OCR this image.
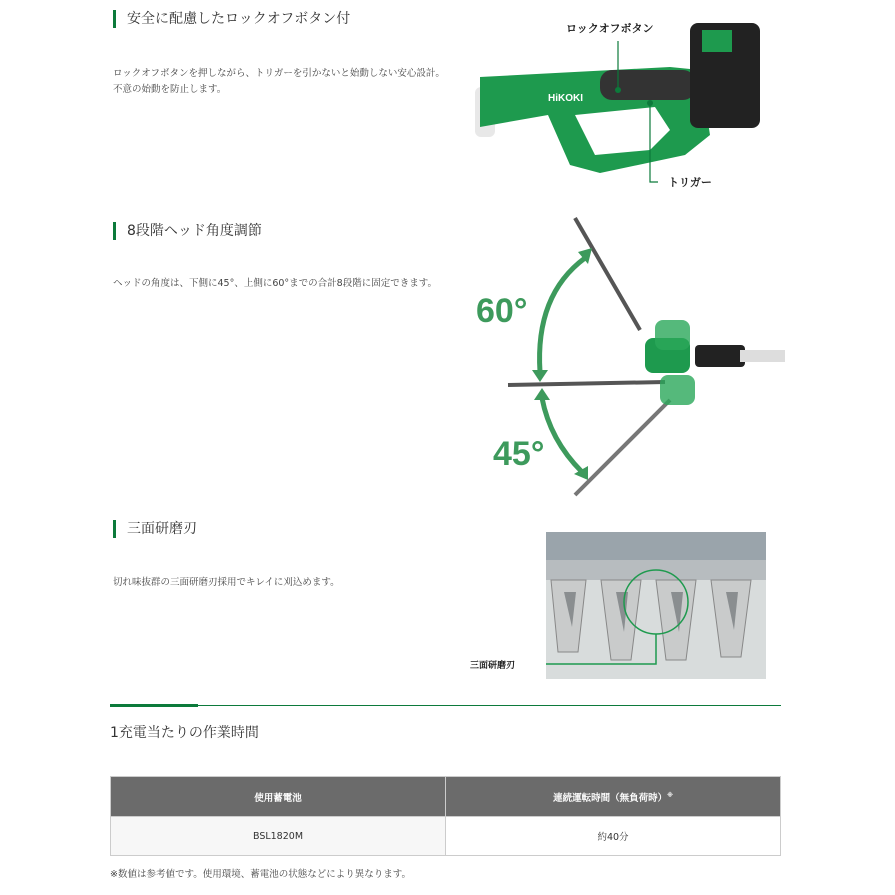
安全に配慮したロックオフボタン付
ロックオフボタンを押しながら、トリガーを引かないと始動しない安心設計。不意の始動を防止します。
HiKOKI
ロックオフボタン
トリガー
8段階ヘッド角度調節
ヘッドの角度は、下側に45°、上側に60°までの合計8段階に固定できます。
60°
45°
三面研磨刃
切れ味抜群の三面研磨刃採用でキレイに刈込めます。
三面研磨刃
1充電当たりの作業時間
使用蓄電池	連続運転時間（無負荷時）※
BSL1820M	約40分
※数値は参考値です。使用環境、蓄電池の状態などにより異なります。
